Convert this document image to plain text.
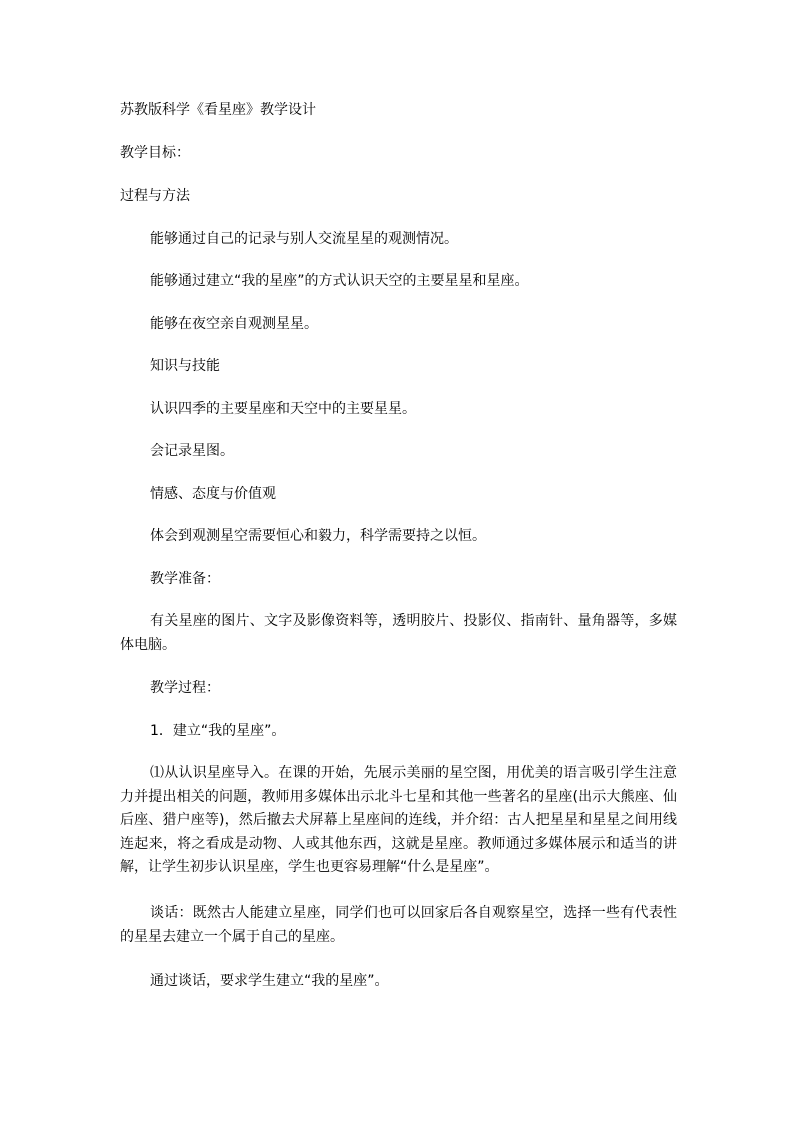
苏教版科学《看星座》教学设计
教学目标：
过程与方法
能够通过自己的记录与别人交流星星的观测情况。
能够通过建立“我的星座”的方式认识天空的主要星星和星座。
能够在夜空亲自观测星星。
知识与技能
认识四季的主要星座和天空中的主要星星。
会记录星图。
情感、态度与价值观
体会到观测星空需要恒心和毅力，科学需要持之以恒。
教学准备：
有关星座的图片、文字及影像资料等，透明胶片、投影仪、指南针、量角器等，多媒体电脑。
教学过程：
1．建立“我的星座”。
⑴从认识星座导入。在课的开始，先展示美丽的星空图，用优美的语言吸引学生注意力并提出相关的问题，教师用多媒体出示北斗七星和其他一些著名的星座(出示大熊座、仙后座、猎户座等)，然后撤去犬屏幕上星座间的连线，并介绍：古人把星星和星星之间用线连起来，将之看成是动物、人或其他东西，这就是星座。教师通过多媒体展示和适当的讲解，让学生初步认识星座，学生也更容易理解“什么是星座”。
谈话：既然古人能建立星座，同学们也可以回家后各自观察星空，选择一些有代表性的星星去建立一个属于自己的星座。
通过谈话，要求学生建立“我的星座”。
